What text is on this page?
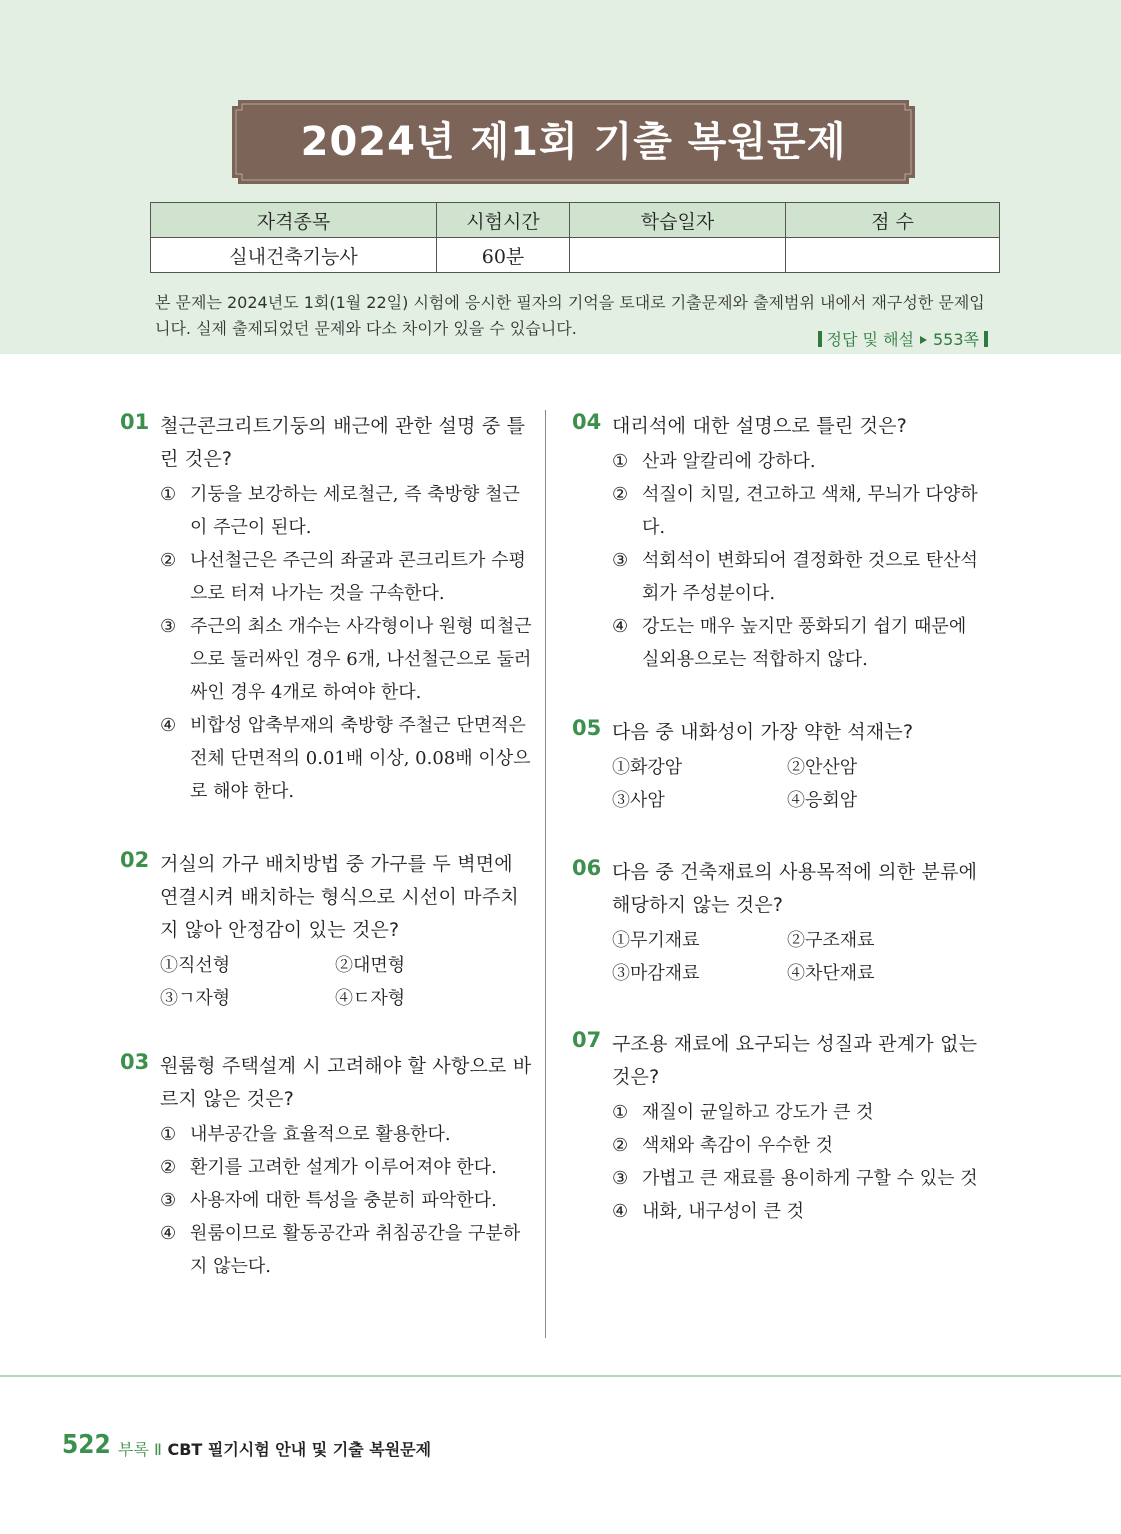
2024년 제1회 기출 복원문제
자격종목	시험시간	학습일자	점 수
실내건축기능사	60분		
본 문제는 2024년도 1회(1월 22일) 시험에 응시한 필자의 기억을 토대로 기출문제와 출제범위 내에서 재구성한 문제입니다. 실제 출제되었던 문제와 다소 차이가 있을 수 있습니다.
정답 및 해설 553쪽
01 철근콘크리트기둥의 배근에 관한 설명 중 틀린 것은?
① 기둥을 보강하는 세로철근, 즉 축방향 철근이 주근이 된다.
② 나선철근은 주근의 좌굴과 콘크리트가 수평으로 터져 나가는 것을 구속한다.
③ 주근의 최소 개수는 사각형이나 원형 띠철근으로 둘러싸인 경우 6개, 나선철근으로 둘러싸인 경우 4개로 하여야 한다.
④ 비합성 압축부재의 축방향 주철근 단면적은 전체 단면적의 0.01배 이상, 0.08배 이상으로 해야 한다.
02 거실의 가구 배치방법 중 가구를 두 벽면에 연결시켜 배치하는 형식으로 시선이 마주치지 않아 안정감이 있는 것은?
①직선형	②대면형
③ㄱ자형	④ㄷ자형
03 원룸형 주택설계 시 고려해야 할 사항으로 바르지 않은 것은?
① 내부공간을 효율적으로 활용한다.
② 환기를 고려한 설계가 이루어져야 한다.
③ 사용자에 대한 특성을 충분히 파악한다.
④ 원룸이므로 활동공간과 취침공간을 구분하지 않는다.
04 대리석에 대한 설명으로 틀린 것은?
① 산과 알칼리에 강하다.
② 석질이 치밀, 견고하고 색채, 무늬가 다양하다.
③ 석회석이 변화되어 결정화한 것으로 탄산석회가 주성분이다.
④ 강도는 매우 높지만 풍화되기 쉽기 때문에 실외용으로는 적합하지 않다.
05 다음 중 내화성이 가장 약한 석재는?
①화강암	②안산암
③사암	④응회암
06 다음 중 건축재료의 사용목적에 의한 분류에 해당하지 않는 것은?
①무기재료	②구조재료
③마감재료	④차단재료
07 구조용 재료에 요구되는 성질과 관계가 없는 것은?
① 재질이 균일하고 강도가 큰 것
② 색채와 촉감이 우수한 것
③ 가볍고 큰 재료를 용이하게 구할 수 있는 것
④ 내화, 내구성이 큰 것
522 부록 Ⅱ CBT 필기시험 안내 및 기출 복원문제
